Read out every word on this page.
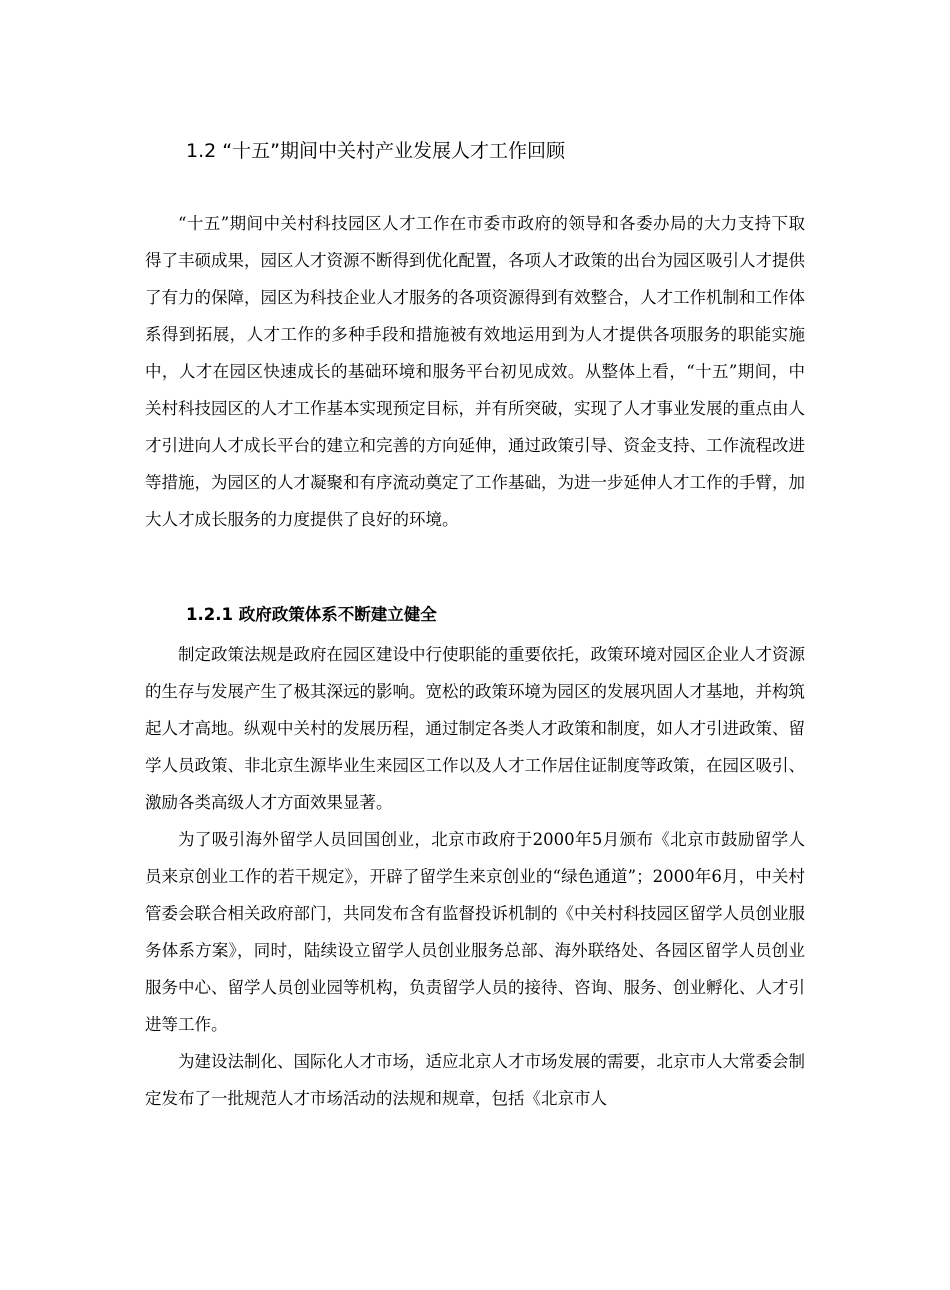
1.2 “十五”期间中关村产业发展人才工作回顾

“十五”期间中关村科技园区人才工作在市委市政府的领导和各委办局的大力支持下取得了丰硕成果，园区人才资源不断得到优化配置，各项人才政策的出台为园区吸引人才提供了有力的保障，园区为科技企业人才服务的各项资源得到有效整合，人才工作机制和工作体系得到拓展，人才工作的多种手段和措施被有效地运用到为人才提供各项服务的职能实施中，人才在园区快速成长的基础环境和服务平台初见成效。从整体上看，“十五”期间，中关村科技园区的人才工作基本实现预定目标，并有所突破，实现了人才事业发展的重点由人才引进向人才成长平台的建立和完善的方向延伸，通过政策引导、资金支持、工作流程改进等措施，为园区的人才凝聚和有序流动奠定了工作基础，为进一步延伸人才工作的手臂，加大人才成长服务的力度提供了良好的环境。

1.2.1 政府政策体系不断建立健全

制定政策法规是政府在园区建设中行使职能的重要依托，政策环境对园区企业人才资源的生存与发展产生了极其深远的影响。宽松的政策环境为园区的发展巩固人才基地，并构筑起人才高地。纵观中关村的发展历程，通过制定各类人才政策和制度，如人才引进政策、留学人员政策、非北京生源毕业生来园区工作以及人才工作居住证制度等政策，在园区吸引、激励各类高级人才方面效果显著。

为了吸引海外留学人员回国创业，北京市政府于2000年5月颁布《北京市鼓励留学人员来京创业工作的若干规定》，开辟了留学生来京创业的“绿色通道”；2000年6月，中关村管委会联合相关政府部门，共同发布含有监督投诉机制的《中关村科技园区留学人员创业服务体系方案》，同时，陆续设立留学人员创业服务总部、海外联络处、各园区留学人员创业服务中心、留学人员创业园等机构，负责留学人员的接待、咨询、服务、创业孵化、人才引进等工作。

为建设法制化、国际化人才市场，适应北京人才市场发展的需要，北京市人大常委会制定发布了一批规范人才市场活动的法规和规章，包括《北京市人
